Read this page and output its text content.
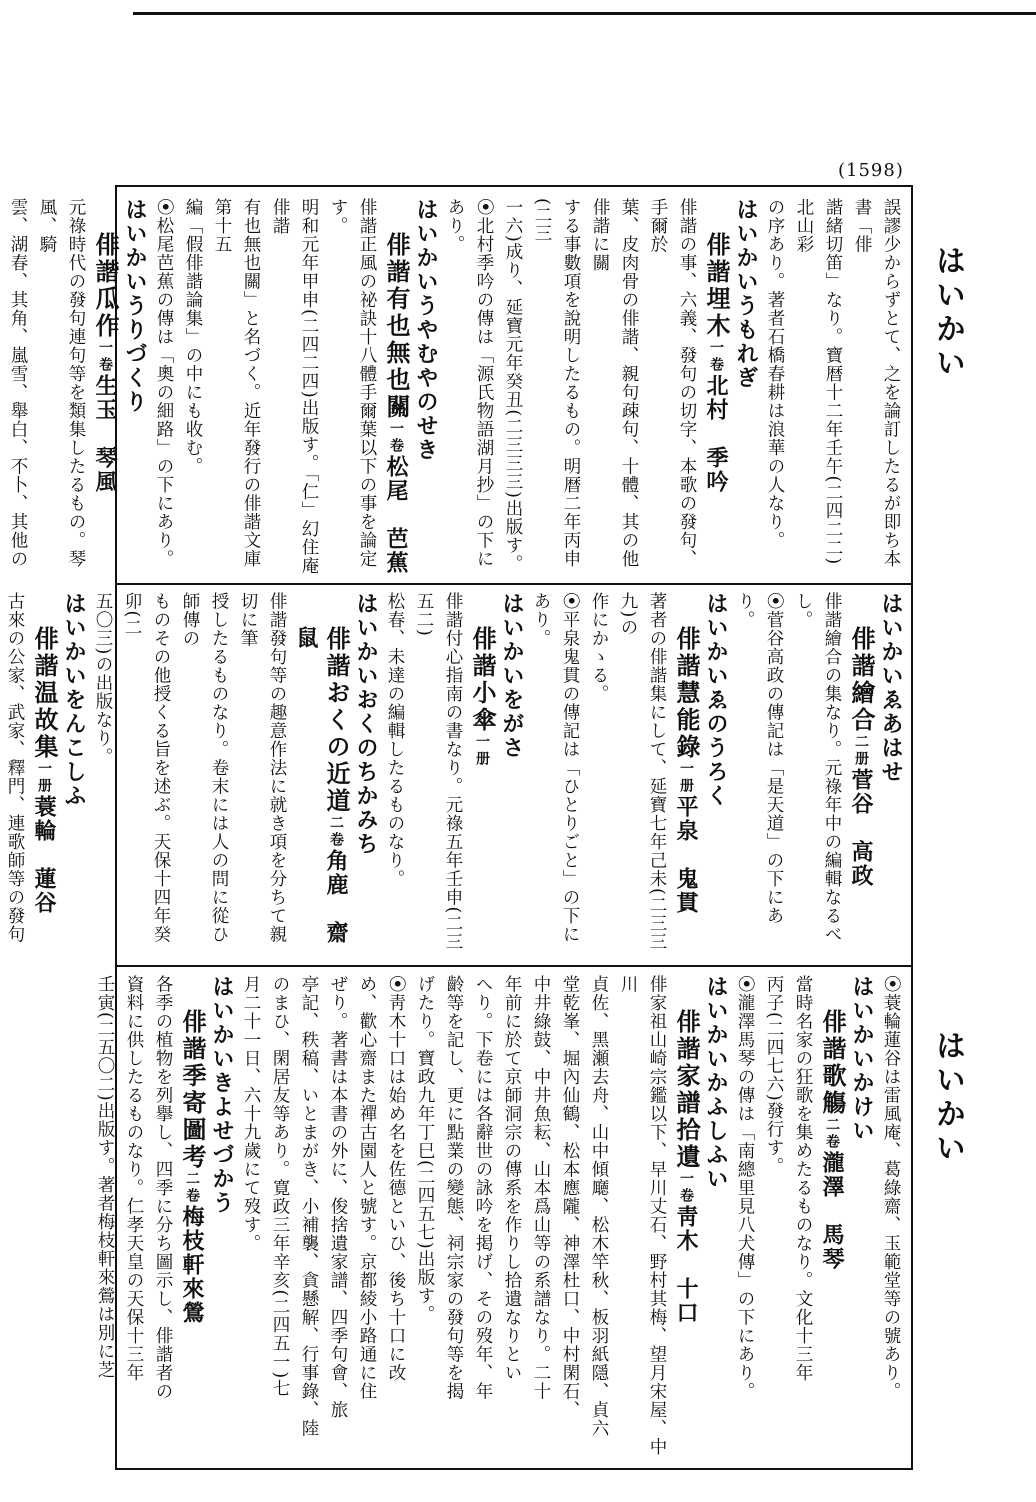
(1598)
はいかい
はいかい
誤謬少からずとて、之を論訂したるが即ち本書「俳
諧緒切笛」なり。寶暦十二年壬午(二四二二)北山彩
の序あり。著者石橋春耕は浪華の人なり。
はいかいうもれぎ
俳諧埋木一卷北村　季吟
俳諧の事、六義、發句の切字、本歌の發句、手爾於
葉、皮肉骨の俳諧、親句疎句、十體、其の他俳諧に關
する事數項を說明したるもの。明暦二年丙申(二三
一六)成り、延寶元年癸丑(二三三三)出版す。
⦿北村季吟の傳は「源氏物語湖月抄」の下にあり。
はいかいうやむやのせき
俳諧有也無也關一卷松尾　芭蕉
俳諧正風の祕訣十八體手爾葉以下の事を論定す。
明和元年甲申(二四二四)出版す。「仁」幻住庵俳諧
有也無也關」と名づく。近年發行の俳諧文庫第十五
編「假俳諧論集」の中にも收む。
⦿松尾芭蕉の傳は「奧の細路」の下にあり。
はいかいうりづくり
俳諧瓜作一卷生玉　琴風
元祿時代の發句連句等を類集したるもの。琴風、騎
雲、湖春、其角、嵐雪、舉白、不卜、其他の
はいかいゑあはせ
俳諧繪合二册菅谷　高政
俳諧繪合の集なり。元祿年中の編輯なるべし。
⦿菅谷高政の傳記は「是天道」の下にあり。
はいかいゑのうろく
俳諧慧能錄一册平泉　鬼貫
著者の俳諧集にして、延寶七年己未(二三三九)の
作にかゝる。
⦿平泉鬼貫の傳記は「ひとりごと」の下にあり。
はいかいをがさ
俳諧小傘一册
俳諧付心指南の書なり。元祿五年壬申(二三五二)
松春、未達の編輯したるものなり。
はいかいおくのちかみち
俳諧おくの近道二卷角鹿　齋鼠
俳諧發句等の趣意作法に就き項を分ちて親切に筆
授したるものなり。卷末には人の問に從ひ師傳の
ものその他授くる旨を述ぶ。天保十四年癸卯(二
五〇三)の出版なり。
はいかいをんこしふ
俳諧温故集一册蓑輪　蓮谷
古來の公家、武家、釋門、連歌師等の發句
⦿蓑輪蓮谷は雷風庵、葛綠齋、玉範堂等の號あり。
はいかいかけい
俳諧歌觴二卷瀧澤　馬琴
當時名家の狂歌を集めたるものなり。文化十三年
丙子(二四七六)發行す。
⦿瀧澤馬琴の傳は「南總里見八犬傳」の下にあり。
はいかいかふしふい
俳諧家譜拾遺一卷靑木　十口
俳家祖山崎宗鑑以下、早川丈石、野村其梅、望月宋屋、中川
貞佐、黑瀬去舟、山中傾廰、松木竿秋、板羽紙隱、貞六
堂乾峯、堀內仙鶴、松本應隴、神澤杜口、中村閑石、
中井綠鼓、中井魚耘、山本爲山等の系譜なり。二十
年前に於て京師洞宗の傳系を作りし拾遺なりとい
へり。下卷には各辭世の詠吟を掲げ、その歿年、年
齡等を記し、更に點業の變態、祠宗家の發句等を揭
げたり。寶政九年丁巳(二四五七)出版す。
⦿靑木十口は始め名を佐德といひ、後ち十口に改
め、歡心齋また禪古園人と號す。京都綾小路通に住
ぜり。著書は本書の外に、俊捨遺家譜、四季句會、旅
亭記、秩稿、いとまがき、小補襲、貪懸解、行事錄、陸
のまひ、閑居友等あり。寛政三年辛亥(二四五一)七
月二十一日、六十九歲にて歿す。
はいかいきよせづかう
俳諧季寄圖考二卷梅枝軒來鶯
各季の植物を列擧し、四季に分ち圖示し、俳諧者の
資料に供したるものなり。仁孝天皇の天保十三年
壬寅(二五〇二)出版す。著者梅枝軒來鶯は別に芝
